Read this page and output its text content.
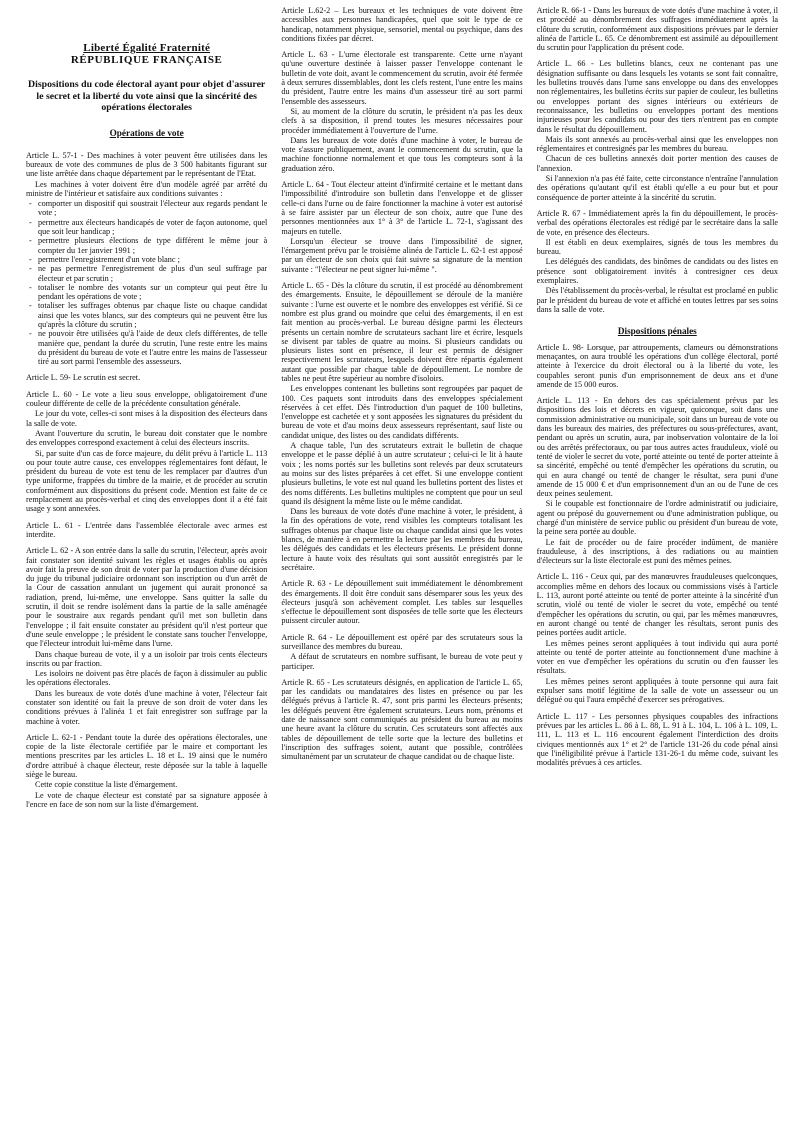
Liberté Égalité Fraternité
RÉPUBLIQUE FRANÇAISE
Dispositions du code électoral ayant pour objet d'assurer le secret et la liberté du vote ainsi que la sincérité des opérations électorales
Opérations de vote

Article L. 57-1 - Des machines à voter peuvent être utilisées dans les bureaux de vote des communes de plus de 3 500 habitants figurant sur une liste arrêtée dans chaque département par le représentant de l'Etat.

Les machines à voter doivent être d'un modèle agréé par arrêté du ministre de l'intérieur et satisfaire aux conditions suivantes :

- comporter un dispositif qui soustrait l'électeur aux regards pendant le vote ;
- permettre aux électeurs handicapés de voter de façon autonome, quel que soit leur handicap ;
- permettre plusieurs élections de type différent le même jour à compter du 1er janvier 1991 ;
- permettre l'enregistrement d'un vote blanc ;
- ne pas permettre l'enregistrement de plus d'un seul suffrage par électeur et par scrutin ;
- totaliser le nombre des votants sur un compteur qui peut être lu pendant les opérations de vote ;
- totaliser les suffrages obtenus par chaque liste ou chaque candidat ainsi que les votes blancs, sur des compteurs qui ne peuvent être lus qu'après la clôture du scrutin ;
- ne pouvoir être utilisées qu'à l'aide de deux clefs différentes, de telle manière que, pendant la durée du scrutin, l'une reste entre les mains du président du bureau de vote et l'autre entre les mains de l'assesseur tiré au sort parmi l'ensemble des assesseurs.

Article L. 59- Le scrutin est secret.

Article L. 60 - Le vote a lieu sous enveloppe, obligatoirement d'une couleur différente de celle de la précédente consultation générale.

Le jour du vote, celles-ci sont mises à la disposition des électeurs dans la salle de vote.

Avant l'ouverture du scrutin, le bureau doit constater que le nombre des enveloppes correspond exactement à celui des électeurs inscrits.

Si, par suite d'un cas de force majeure, du délit prévu à l'article L. 113 ou pour toute autre cause, ces enveloppes réglementaires font défaut, le président du bureau de vote est tenu de les remplacer par d'autres d'un type uniforme, frappées du timbre de la mairie, et de procéder au scrutin conformément aux dispositions du présent code. Mention est faite de ce remplacement au procès-verbal et cinq des enveloppes dont il a été fait usage y sont annexées.

Article L. 61 - L'entrée dans l'assemblée électorale avec armes est interdite.

Article L. 62 - A son entrée dans la salle du scrutin, l'électeur, après avoir fait constater son identité suivant les règles et usages établis ou après avoir fait la preuve de son droit de voter par la production d'une décision du juge du tribunal judiciaire ordonnant son inscription ou d'un arrêt de la Cour de cassation annulant un jugement qui aurait prononcé sa radiation, prend, lui-même, une enveloppe. Sans quitter la salle du scrutin, il doit se rendre isolément dans la partie de la salle aménagée pour le soustraire aux regards pendant qu'il met son bulletin dans l'enveloppe ; il fait ensuite constater au président qu'il n'est porteur que d'une seule enveloppe ; le président le constate sans toucher l'enveloppe, que l'électeur introduit lui-même dans l'urne.

Dans chaque bureau de vote, il y a un isoloir par trois cents électeurs inscrits ou par fraction.

Les isoloirs ne doivent pas être placés de façon à dissimuler au public les opérations électorales.

Dans les bureaux de vote dotés d'une machine à voter, l'électeur fait constater son identité ou fait la preuve de son droit de voter dans les conditions prévues à l'alinéa 1 et fait enregistrer son suffrage par la machine à voter.

Article L. 62-1 - Pendant toute la durée des opérations électorales, une copie de la liste électorale certifiée par le maire et comportant les mentions prescrites par les articles L. 18 et L. 19 ainsi que le numéro d'ordre attribué à chaque électeur, reste déposée sur la table à laquelle siège le bureau.

Cette copie constitue la liste d'émargement.

Le vote de chaque électeur est constaté par sa signature apposée à l'encre en face de son nom sur la liste d'émargement.

Article L.62-2 – Les bureaux et les techniques de vote doivent être accessibles aux personnes handicapées, quel que soit le type de ce handicap, notamment physique, sensoriel, mental ou psychique, dans des conditions fixées par décret.

Article L. 63 - L'urne électorale est transparente. Cette urne n'ayant qu'une ouverture destinée à laisser passer l'enveloppe contenant le bulletin de vote doit, avant le commencement du scrutin, avoir été fermée à deux serrures dissemblables, dont les clefs restent, l'une entre les mains du président, l'autre entre les mains d'un assesseur tiré au sort parmi l'ensemble des assesseurs.

Si, au moment de la clôture du scrutin, le président n'a pas les deux clefs à sa disposition, il prend toutes les mesures nécessaires pour procéder immédiatement à l'ouverture de l'urne.

Dans les bureaux de vote dotés d'une machine à voter, le bureau de vote s'assure publiquement, avant le commencement du scrutin, que la machine fonctionne normalement et que tous les compteurs sont à la graduation zéro.

Article L. 64 - Tout électeur atteint d'infirmité certaine et le mettant dans l'impossibilité d'introduire son bulletin dans l'enveloppe et de glisser celle-ci dans l'urne ou de faire fonctionner la machine à voter est autorisé à se faire assister par un électeur de son choix, autre que l'une des personnes mentionnées aux 1° à 3° de l'article L. 72-1, s'agissant des majeurs en tutelle.

Lorsqu'un électeur se trouve dans l'impossibilité de signer, l'émargement prévu par le troisième alinéa de l'article L. 62-1 est apposé par un électeur de son choix qui fait suivre sa signature de la mention suivante : "l'électeur ne peut signer lui-même ".

Article L. 65 - Dès la clôture du scrutin, il est procédé au dénombrement des émargements. Ensuite, le dépouillement se déroule de la manière suivante : l'urne est ouverte et le nombre des enveloppes est vérifié. Si ce nombre est plus grand ou moindre que celui des émargements, il en est fait mention au procès-verbal. Le bureau désigne parmi les électeurs présents un certain nombre de scrutateurs sachant lire et écrire, lesquels se divisent par tables de quatre au moins. Si plusieurs candidats ou plusieurs listes sont en présence, il leur est permis de désigner respectivement les scrutateurs, lesquels doivent être répartis également autant que possible par chaque table de dépouillement. Le nombre de tables ne peut être supérieur au nombre d'isoloirs.

Les enveloppes contenant les bulletins sont regroupées par paquet de 100. Ces paquets sont introduits dans des enveloppes spécialement réservées à cet effet. Dès l'introduction d'un paquet de 100 bulletins, l'enveloppe est cachetée et y sont apposées les signatures du président du bureau de vote et d'au moins deux assesseurs représentant, sauf liste ou candidat unique, des listes ou des candidats différents.

A chaque table, l'un des scrutateurs extrait le bulletin de chaque enveloppe et le passe déplié à un autre scrutateur ; celui-ci le lit à haute voix ; les noms portés sur les bulletins sont relevés par deux scrutateurs au moins sur des listes préparées à cet effet. Si une enveloppe contient plusieurs bulletins, le vote est nul quand les bulletins portent des listes et des noms différents. Les bulletins multiples ne comptent que pour un seul quand ils désignent la même liste ou le même candidat.

Dans les bureaux de vote dotés d'une machine à voter, le président, à la fin des opérations de vote, rend visibles les compteurs totalisant les suffrages obtenus par chaque liste ou chaque candidat ainsi que les votes blancs, de manière à en permettre la lecture par les membres du bureau, les délégués des candidats et les électeurs présents. Le président donne lecture à haute voix des résultats qui sont aussitôt enregistrés par le secrétaire.

Article R. 63 - Le dépouillement suit immédiatement le dénombrement des émargements. Il doit être conduit sans désemparer sous les yeux des électeurs jusqu'à son achèvement complet. Les tables sur lesquelles s'effectue le dépouillement sont disposées de telle sorte que les électeurs puissent circuler autour.

Article R. 64 - Le dépouillement est opéré par des scrutateurs sous la surveillance des membres du bureau.

A défaut de scrutateurs en nombre suffisant, le bureau de vote peut y participer.

Article R. 65 - Les scrutateurs désignés, en application de l'article L. 65, par les candidats ou mandataires des listes en présence ou par les délégués prévus à l'article R. 47, sont pris parmi les électeurs présents; les délégués peuvent être également scrutateurs. Leurs nom, prénoms et date de naissance sont communiqués au président du bureau au moins une heure avant la clôture du scrutin. Ces scrutateurs sont affectés aux tables de dépouillement de telle sorte que la lecture des bulletins et l'inscription des suffrages soient, autant que possible, contrôlées simultanément par un scrutateur de chaque candidat ou de chaque liste.

Article R. 66-1 - Dans les bureaux de vote dotés d'une machine à voter, il est procédé au dénombrement des suffrages immédiatement après la clôture du scrutin, conformément aux dispositions prévues par le dernier alinéa de l'article L. 65. Ce dénombrement est assimilé au dépouillement du scrutin pour l'application du présent code.

Article L. 66 - Les bulletins blancs, ceux ne contenant pas une désignation suffisante ou dans lesquels les votants se sont fait connaître, les bulletins trouvés dans l'urne sans enveloppe ou dans des enveloppes non réglementaires, les bulletins écrits sur papier de couleur, les bulletins ou enveloppes portant des signes intérieurs ou extérieurs de reconnaissance, les bulletins ou enveloppes portant des mentions injurieuses pour les candidats ou pour des tiers n'entrent pas en compte dans le résultat du dépouillement.

Mais ils sont annexés au procès-verbal ainsi que les enveloppes non réglementaires et contresignés par les membres du bureau.

Chacun de ces bulletins annexés doit porter mention des causes de l'annexion.

Si l'annexion n'a pas été faite, cette circonstance n'entraîne l'annulation des opérations qu'autant qu'il est établi qu'elle a eu pour but et pour conséquence de porter atteinte à la sincérité du scrutin.

Article R. 67 - Immédiatement après la fin du dépouillement, le procès-verbal des opérations électorales est rédigé par le secrétaire dans la salle de vote, en présence des électeurs.

Il est établi en deux exemplaires, signés de tous les membres du bureau.

Les délégués des candidats, des binômes de candidats ou des listes en présence sont obligatoirement invités à contresigner ces deux exemplaires.

Dès l'établissement du procès-verbal, le résultat est proclamé en public par le président du bureau de vote et affiché en toutes lettres par ses soins dans la salle de vote.

Dispositions pénales

Article L. 98- Lorsque, par attroupements, clameurs ou démonstrations menaçantes, on aura troublé les opérations d'un collège électoral, porté atteinte à l'exercice du droit électoral ou à la liberté du vote, les coupables seront punis d'un emprisonnement de deux ans et d'une amende de 15 000 euros.

Article L. 113 - En dehors des cas spécialement prévus par les dispositions des lois et décrets en vigueur, quiconque, soit dans une commission administrative ou municipale, soit dans un bureau de vote ou dans les bureaux des mairies, des préfectures ou sous-préfectures, avant, pendant ou après un scrutin, aura, par inobservation volontaire de la loi ou des arrêtés préfectoraux, ou par tous autres actes frauduleux, violé ou tenté de violer le secret du vote, porté atteinte ou tenté de porter atteinte à sa sincérité, empêché ou tenté d'empêcher les opérations du scrutin, ou qui en aura changé ou tenté de changer le résultat, sera puni d'une amende de 15 000 € et d'un emprisonnement d'un an ou de l'une de ces deux peines seulement.

Si le coupable est fonctionnaire de l'ordre administratif ou judiciaire, agent ou préposé du gouvernement ou d'une administration publique, ou chargé d'un ministère de service public ou président d'un bureau de vote, la peine sera portée au double.

Le fait de procéder ou de faire procéder indûment, de manière frauduleuse, à des inscriptions, à des radiations ou au maintien d'électeurs sur la liste électorale est puni des mêmes peines.

Article L. 116 - Ceux qui, par des manœuvres frauduleuses quelconques, accomplies même en dehors des locaux ou commissions visés à l'article L. 113, auront porté atteinte ou tenté de porter atteinte à la sincérité d'un scrutin, violé ou tenté de violer le secret du vote, empêché ou tenté d'empêcher les opérations du scrutin, ou qui, par les mêmes manœuvres, en auront changé ou tenté de changer les résultats, seront punis des peines portées audit article.

Les mêmes peines seront appliquées à tout individu qui aura porté atteinte ou tenté de porter atteinte au fonctionnement d'une machine à voter en vue d'empêcher les opérations du scrutin ou d'en fausser les résultats.

Les mêmes peines seront appliquées à toute personne qui aura fait expulser sans motif légitime de la salle de vote un assesseur ou un délégué ou qui l'aura empêché d'exercer ses prérogatives.

Article L. 117 - Les personnes physiques coupables des infractions prévues par les articles L. 86 à L. 88, L. 91 à L. 104, L. 106 à L. 109, L. 111, L. 113 et L. 116 encourent également l'interdiction des droits civiques mentionnés aux 1° et 2° de l'article 131-26 du code pénal ainsi que l'inéligibilité prévue à l'article 131-26-1 du même code, suivant les modalités prévues à ces articles.
